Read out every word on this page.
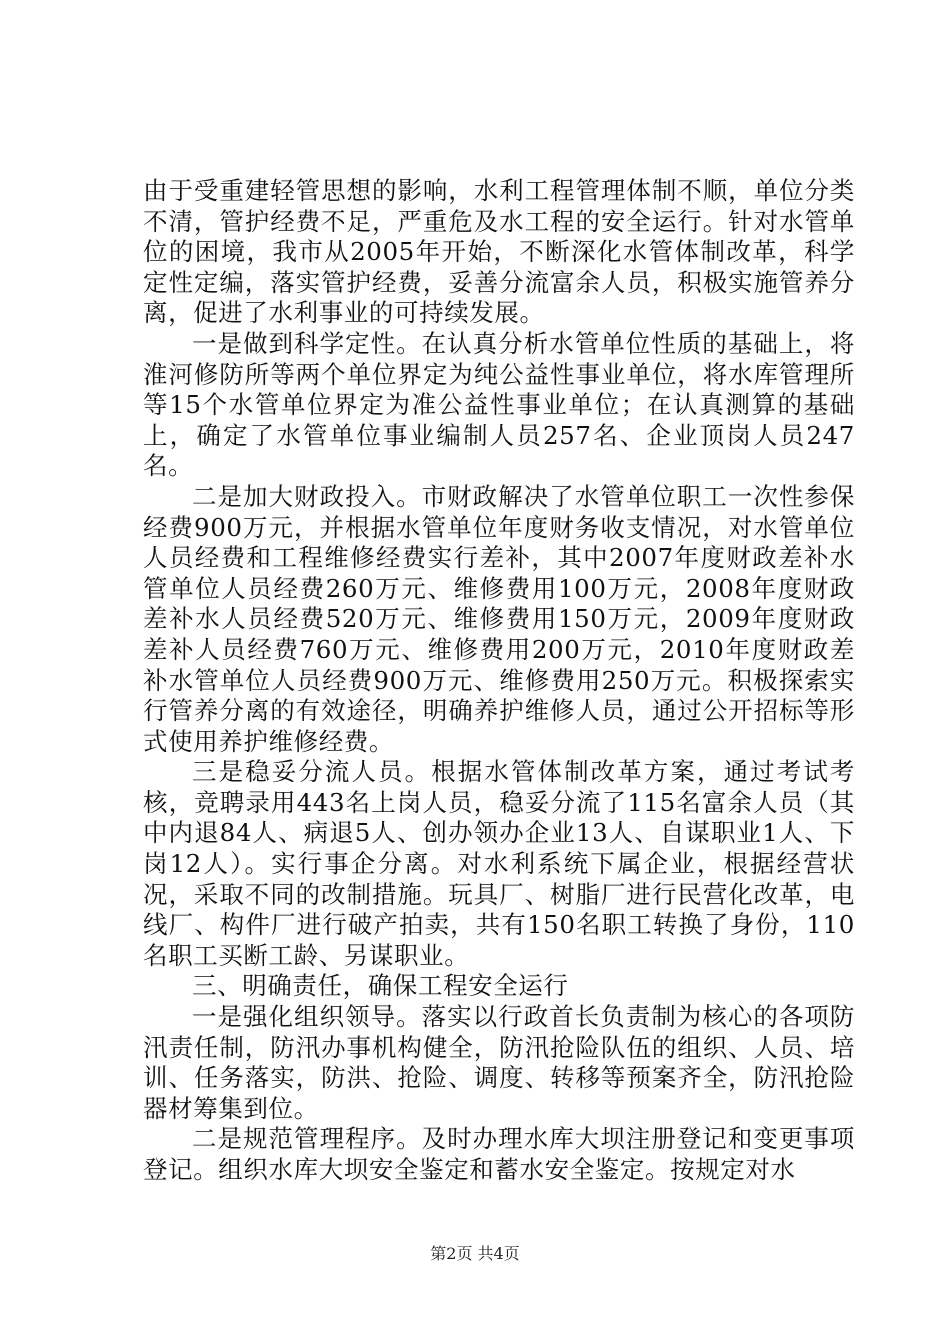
由于受重建轻管思想的影响，水利工程管理体制不顺，单位分类不清，管护经费不足，严重危及水工程的安全运行。针对水管单位的困境，我市从2005年开始，不断深化水管体制改革，科学定性定编，落实管护经费，妥善分流富余人员，积极实施管养分离，促进了水利事业的可持续发展。

一是做到科学定性。在认真分析水管单位性质的基础上，将淮河修防所等两个单位界定为纯公益性事业单位，将水库管理所等15个水管单位界定为准公益性事业单位；在认真测算的基础上，确定了水管单位事业编制人员257名、企业顶岗人员247名。

二是加大财政投入。市财政解决了水管单位职工一次性参保经费900万元，并根据水管单位年度财务收支情况，对水管单位人员经费和工程维修经费实行差补，其中2007年度财政差补水管单位人员经费260万元、维修费用100万元，2008年度财政差补水人员经费520万元、维修费用150万元，2009年度财政差补人员经费760万元、维修费用200万元，2010年度财政差补水管单位人员经费900万元、维修费用250万元。积极探索实行管养分离的有效途径，明确养护维修人员，通过公开招标等形式使用养护维修经费。

三是稳妥分流人员。根据水管体制改革方案，通过考试考核，竞聘录用443名上岗人员，稳妥分流了115名富余人员（其中内退84人、病退5人、创办领办企业13人、自谋职业1人、下岗12人）。实行事企分离。对水利系统下属企业，根据经营状况，采取不同的改制措施。玩具厂、树脂厂进行民营化改革，电线厂、构件厂进行破产拍卖，共有150名职工转换了身份，110名职工买断工龄、另谋职业。

三、明确责任，确保工程安全运行

一是强化组织领导。落实以行政首长负责制为核心的各项防汛责任制，防汛办事机构健全，防汛抢险队伍的组织、人员、培训、任务落实，防洪、抢险、调度、转移等预案齐全，防汛抢险器材筹集到位。

二是规范管理程序。及时办理水库大坝注册登记和变更事项登记。组织水库大坝安全鉴定和蓄水安全鉴定。按规定对水

第2页 共4页
